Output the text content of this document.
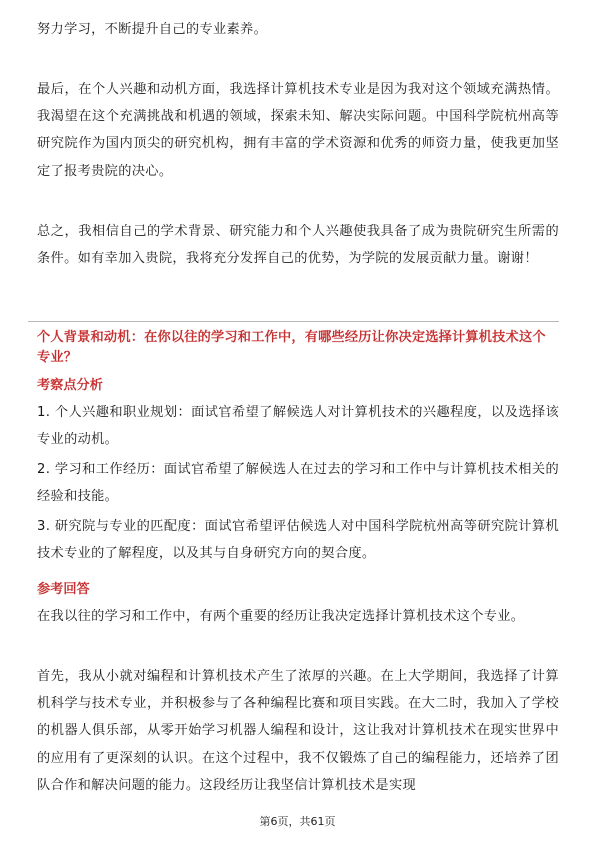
努力学习，不断提升自己的专业素养。

最后，在个人兴趣和动机方面，我选择计算机技术专业是因为我对这个领域充满热情。我渴望在这个充满挑战和机遇的领域，探索未知、解决实际问题。中国科学院杭州高等研究院作为国内顶尖的研究机构，拥有丰富的学术资源和优秀的师资力量，使我更加坚定了报考贵院的决心。

总之，我相信自己的学术背景、研究能力和个人兴趣使我具备了成为贵院研究生所需的条件。如有幸加入贵院，我将充分发挥自己的优势，为学院的发展贡献力量。谢谢！

个人背景和动机：在你以往的学习和工作中，有哪些经历让你决定选择计算机技术这个专业？
考察点分析

1. 个人兴趣和职业规划：面试官希望了解候选人对计算机技术的兴趣程度，以及选择该专业的动机。

2. 学习和工作经历：面试官希望了解候选人在过去的学习和工作中与计算机技术相关的经验和技能。

3. 研究院与专业的匹配度：面试官希望评估候选人对中国科学院杭州高等研究院计算机技术专业的了解程度，以及其与自身研究方向的契合度。

参考回答

在我以往的学习和工作中，有两个重要的经历让我决定选择计算机技术这个专业。

首先，我从小就对编程和计算机技术产生了浓厚的兴趣。在上大学期间，我选择了计算机科学与技术专业，并积极参与了各种编程比赛和项目实践。在大二时，我加入了学校的机器人俱乐部，从零开始学习机器人编程和设计，这让我对计算机技术在现实世界中的应用有了更深刻的认识。在这个过程中，我不仅锻炼了自己的编程能力，还培养了团队合作和解决问题的能力。这段经历让我坚信计算机技术是实现

第6页，共61页
